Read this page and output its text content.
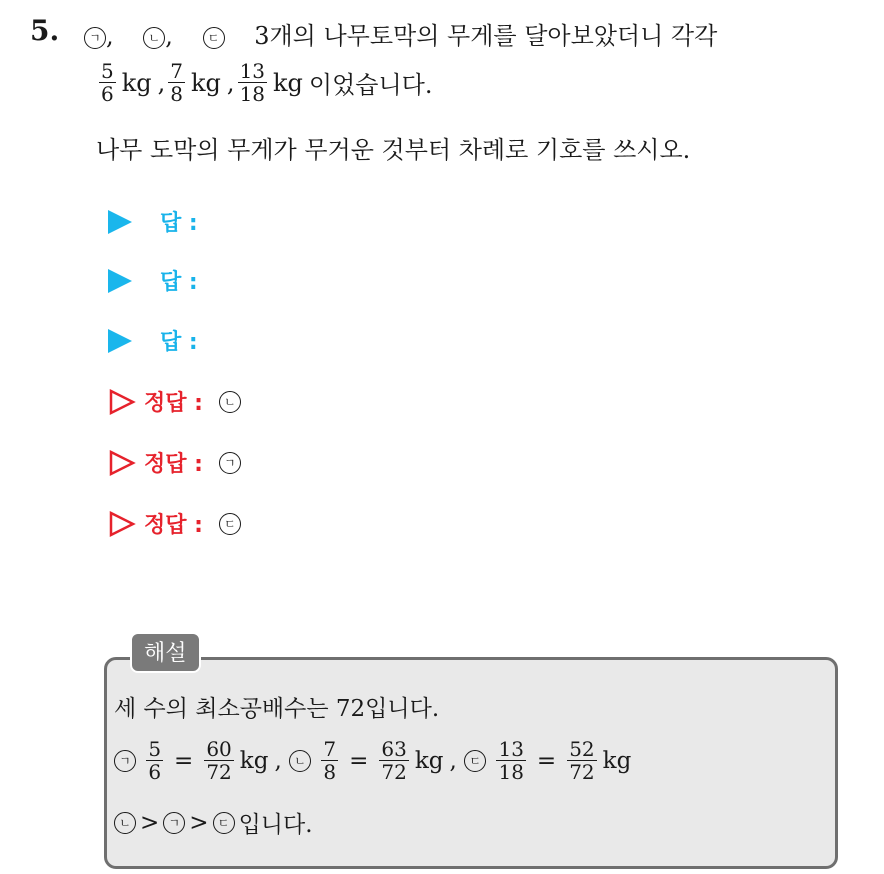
5.	ㄱ ,	ㄴ ,	ㄷ 3개의 나무토막의 무게를 달아보았더니 각각
$\frac{5}{6}$ kg , $\frac{7}{8}$ kg , $\frac{13}{18}$ kg 이었습니다.
나무 도막의 무게가 무거운 것부터 차례로 기호를 쓰시오.
답 :
답 :
답 :
정답 :	ㄴ
정답 :	ㄱ
정답 :	ㄷ
해설
세 수의 최소공배수는 72입니다.
ㄱ
$\frac{5}{6} = \frac{60}{72}$ kg , ㄴ
$\frac{7}{8} = \frac{63}{72}$ kg , ㄷ
$\frac{13}{18} = \frac{52}{72}$ kg
ㄴ > ㄱ > ㄷ 입니다.
